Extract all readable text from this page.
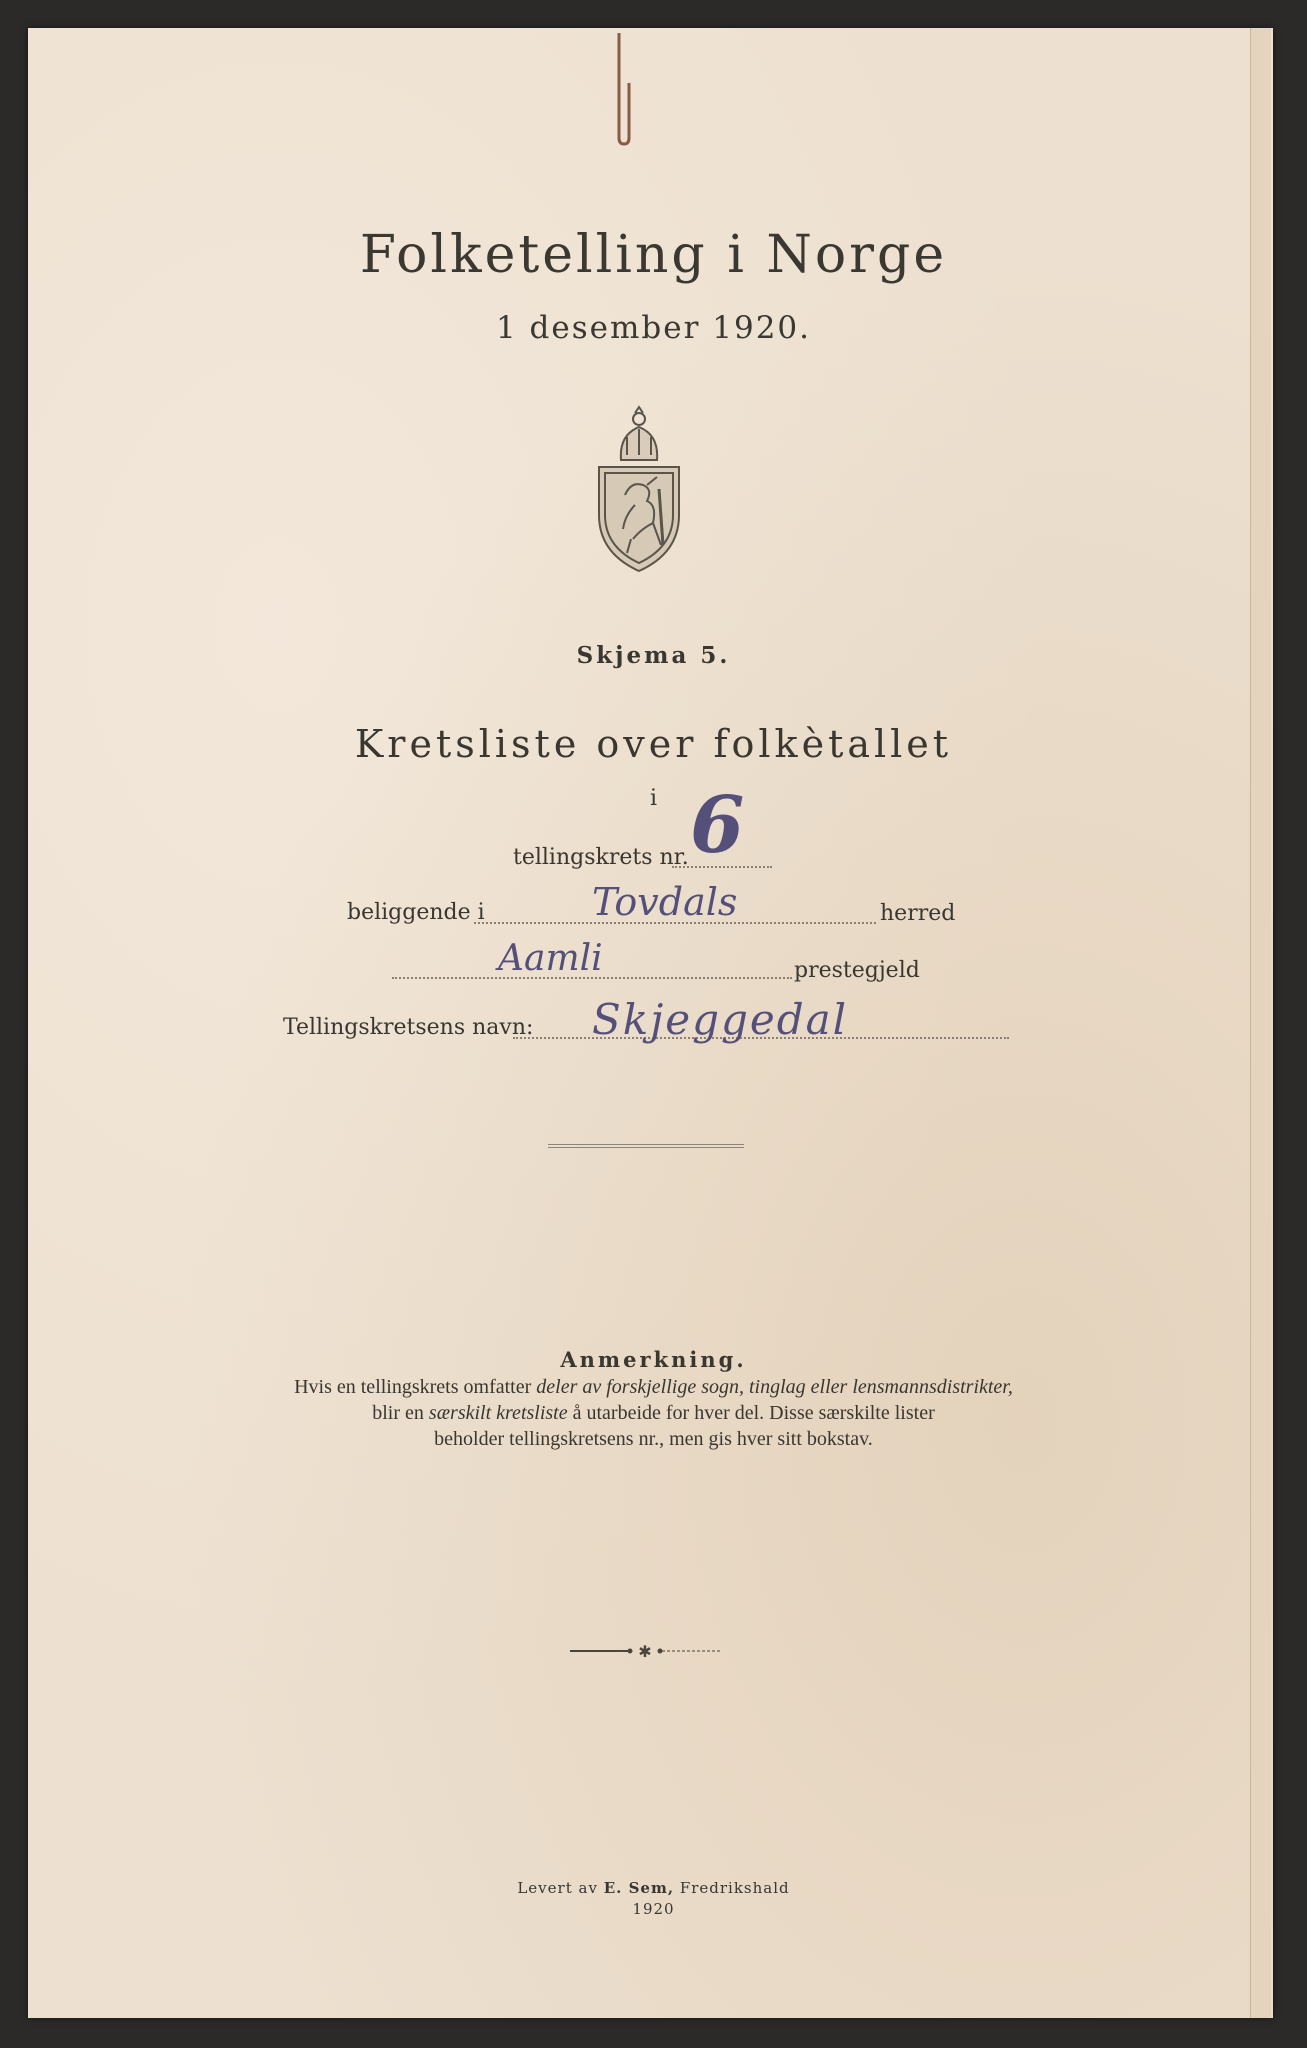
Folketelling i Norge
1 desember 1920.
Skjema 5.
Kretsliste over folkètallet
i
tellingskrets nr. 6
beliggende i	Tovdals	herred
Aamli	prestegjeld
Tellingskretsens navn: Skjeggedal
Anmerkning.
Hvis en tellingskrets omfatter deler av forskjellige sogn, tinglag eller lensmannsdistrikter,
blir en særskilt kretsliste å utarbeide for hver del. Disse særskilte lister
beholder tellingskretsens nr., men gis hver sitt bokstav.
✱
Levert av E. Sem, Fredrikshald
1920
